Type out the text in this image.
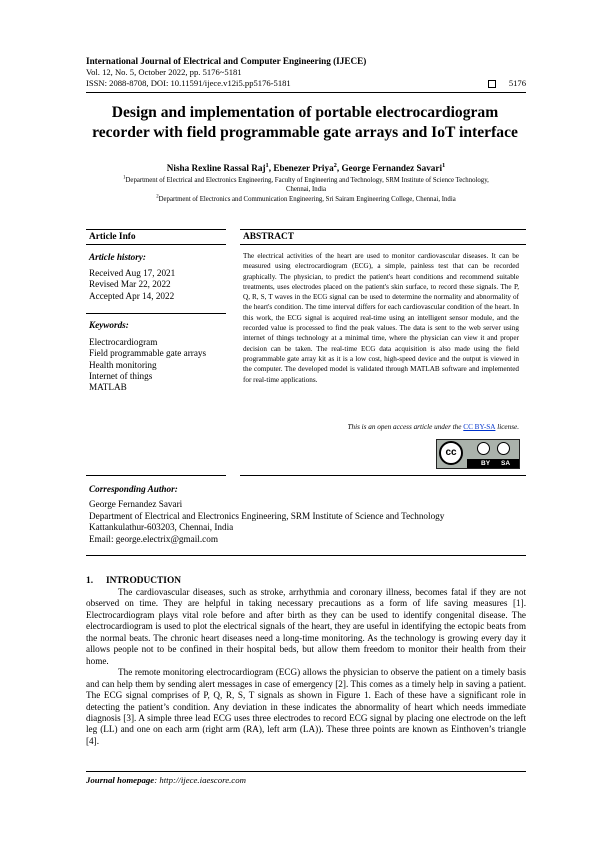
International Journal of Electrical and Computer Engineering (IJECE)
Vol. 12, No. 5, October 2022, pp. 5176~5181
ISSN: 2088-8708, DOI: 10.11591/ijece.v12i5.pp5176-5181	5176
Design and implementation of portable electrocardiogram
recorder with field programmable gate arrays and IoT interface
Nisha Rexline Rassal Raj$^1$, Ebenezer Priya$^2$, George Fernandez Savari$^1$
$^1$Department of Electrical and Electronics Engineering, Faculty of Engineering and Technology, SRM Institute of Science Technology,
Chennai, India
$^2$Department of Electronics and Communication Engineering, Sri Sairam Engineering College, Chennai, India
Article Info	ABSTRACT
Article history:
Received Aug 17, 2021
Revised Mar 22, 2022
Accepted Apr 14, 2022
Keywords:
Electrocardiogram
Field programmable gate arrays
Health monitoring
Internet of things
MATLAB
The electrical activities of the heart are used to monitor cardiovascular diseases. It can be measured using electrocardiogram (ECG), a simple, painless test that can be recorded graphically. The physician, to predict the patient's heart conditions and recommend suitable treatments, uses electrodes placed on the patient's skin surface, to record these signals. The P, Q, R, S, T waves in the ECG signal can be used to determine the normality and abnormality of the heart's condition. The time interval differs for each cardiovascular condition of the heart. In this work, the ECG signal is acquired real-time using an intelligent sensor module, and the recorded value is processed to find the peak values. The data is sent to the web server using internet of things technology at a minimal time, where the physician can view it and proper decision can be taken. The real-time ECG data acquisition is also made using the field programmable gate array kit as it is a low cost, high-speed device and the output is viewed in the computer. The developed model is validated through MATLAB software and implemented for real-time applications.
This is an open access article under the CC BY-SA license.
cc
BY SA
Corresponding Author:
George Fernandez Savari
Department of Electrical and Electronics Engineering, SRM Institute of Science and Technology
Kattankulathur-603203, Chennai, India
Email: george.electrix@gmail.com
1. INTRODUCTION

The cardiovascular diseases, such as stroke, arrhythmia and coronary illness, becomes fatal if they are not observed on time. They are helpful in taking necessary precautions as a form of life saving measures [1]. Electrocardiogram plays vital role before and after birth as they can be used to identify congenital disease. The electrocardiogram is used to plot the electrical signals of the heart, they are useful in identifying the ectopic beats from the normal beats. The chronic heart diseases need a long-time monitoring. As the technology is growing every day it allows people not to be confined in their hospital beds, but allow them freedom to monitor their health from their home.

The remote monitoring electrocardiogram (ECG) allows the physician to observe the patient on a timely basis and can help them by sending alert messages in case of emergency [2]. This comes as a timely help in saving a patient. The ECG signal comprises of P, Q, R, S, T signals as shown in Figure 1. Each of these have a significant role in detecting the patient’s condition. Any deviation in these indicates the abnormality of heart which needs immediate diagnosis [3]. A simple three lead ECG uses three electrodes to record ECG signal by placing one electrode on the left leg (LL) and one on each arm (right arm (RA), left arm (LA)). These three points are known as Einthoven’s triangle [4].

Journal homepage: http://ijece.iaescore.com
